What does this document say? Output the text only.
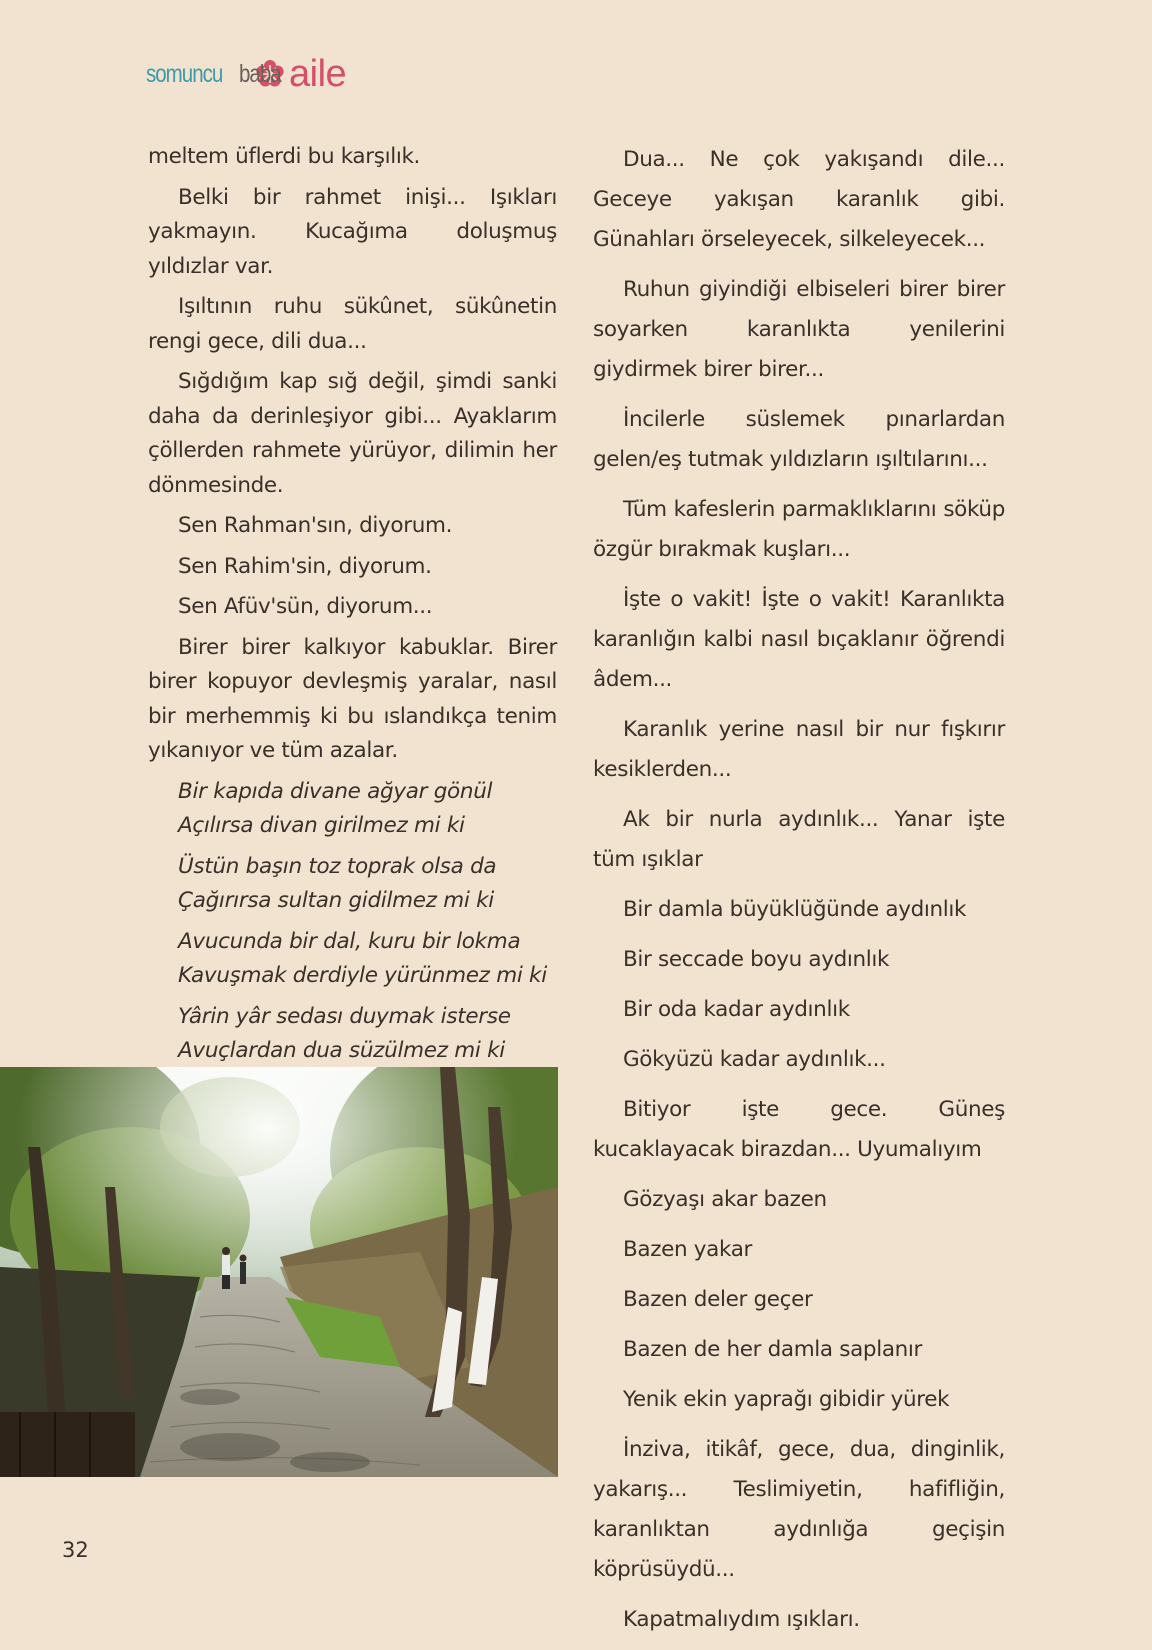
somuncu baba aile

meltem üflerdi bu karşılık.

Belki bir rahmet inişi... Işıkları yakmayın. Kucağıma doluşmuş yıldızlar var.

Işıltının ruhu sükûnet, sükûnetin rengi gece, dili dua...

Sığdığım kap sığ değil, şimdi sanki daha da derinleşiyor gibi... Ayaklarım çöllerden rahmete yürüyor, dilimin her dönmesinde.

Sen Rahman'sın, diyorum.

Sen Rahim'sin, diyorum.

Sen Afüv'sün, diyorum...

Birer birer kalkıyor kabuklar. Birer birer kopuyor devleşmiş yaralar, nasıl bir merhemmiş ki bu ıslandıkça tenim yıkanıyor ve tüm azalar.

Bir kapıda divane ağyar gönül
Açılırsa divan girilmez mi ki
Üstün başın toz toprak olsa da
Çağırırsa sultan gidilmez mi ki
Avucunda bir dal, kuru bir lokma
Kavuşmak derdiyle yürünmez mi ki
Yârin yâr sedası duymak isterse
Avuçlardan dua süzülmez mi ki

Dua... Ne çok yakışandı dile... Geceye yakışan karanlık gibi. Günahları örseleyecek, silkeleyecek...

Ruhun giyindiği elbiseleri birer birer soyarken karanlıkta yenilerini giydirmek birer birer...

İncilerle süslemek pınarlardan gelen/eş tutmak yıldızların ışıltılarını...

Tüm kafeslerin parmaklıklarını söküp özgür bırakmak kuşları...

İşte o vakit! İşte o vakit! Karanlıkta karanlığın kalbi nasıl bıçaklanır öğrendi âdem...

Karanlık yerine nasıl bir nur fışkırır kesiklerden...

Ak bir nurla aydınlık... Yanar işte tüm ışıklar

Bir damla büyüklüğünde aydınlık

Bir seccade boyu aydınlık

Bir oda kadar aydınlık

Gökyüzü kadar aydınlık...

Bitiyor işte gece. Güneş kucaklayacak birazdan... Uyumalıyım

Gözyaşı akar bazen

Bazen yakar

Bazen deler geçer

Bazen de her damla saplanır

Yenik ekin yaprağı gibidir yürek

İnziva, itikâf, gece, dua, dinginlik, yakarış... Teslimiyetin, hafifliğin, karanlıktan aydınlığa geçişin köprüsüydü...

Kapatmalıydım ışıkları.

32
